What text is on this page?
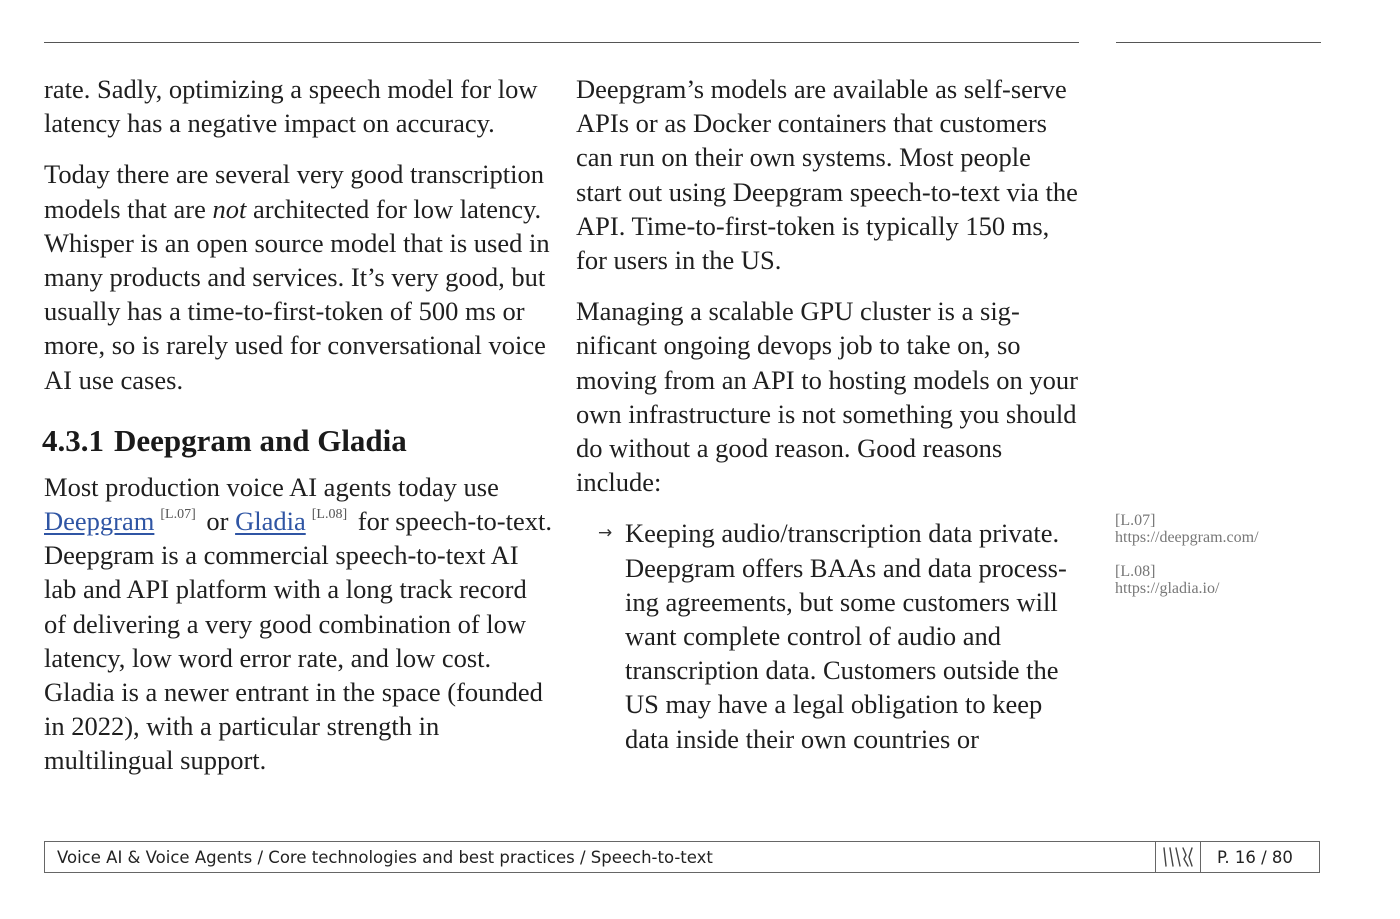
rate. Sadly, optimizing a speech model for low latency has a negative impact on accuracy.

Today there are several very good transcription models that are not architected for low latency. Whisper is an open source model that is used in many products and services. It’s very good, but usually has a time-to-first-token of 500 ms or more, so is rarely used for conversational voice AI use cases.

4.3.1 Deepgram and Gladia

Most production voice AI agents today use Deepgram [L.07] or Gladia [L.08] for speech-to-text. Deepgram is a commercial speech-to-text AI lab and API platform with a long track record of delivering a very good combination of low latency, low word error rate, and low cost. Gladia is a newer entrant in the space (founded in 2022), with a particular strength in multilingual support.

Deepgram’s models are available as self-serve APIs or as Docker containers that customers can run on their own systems. Most people start out using Deepgram speech-to-text via the API. Time-to-first-token is typically 150 ms, for users in the US.

Managing a scalable GPU cluster is a significant ongoing devops job to take on, so moving from an API to hosting models on your own infrastructure is not something you should do without a good reason. Good reasons include:

→ Keeping audio/transcription data private. Deepgram offers BAAs and data processing agreements, but some customers will want complete control of audio and transcription data. Customers outside the US may have a legal obligation to keep data inside their own countries or
[L.07]
https://deepgram.com/
[L.08]
https://gladia.io/
Voice AI & Voice Agents / Core technologies and best practices / Speech-to-text	P. 16 / 80
